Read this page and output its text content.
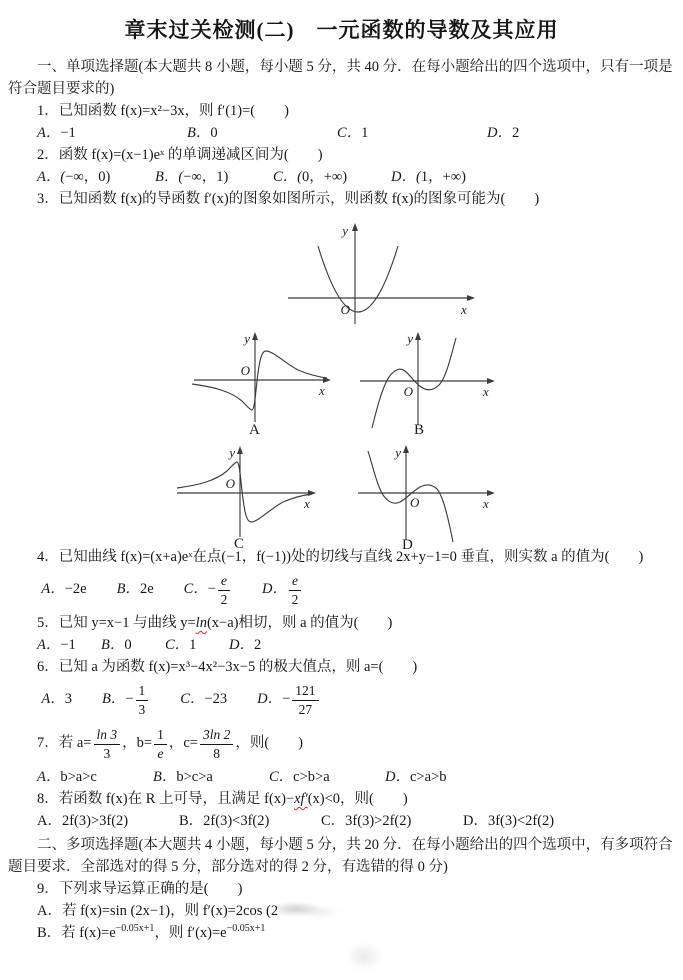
章末过关检测(二)　一元函数的导数及其应用

一、单项选择题(本大题共 8 小题，每小题 5 分，共 40 分．在每小题给出的四个选项中，只有一项是符合题目要求的)

1．已知函数 f(x)=x²−3x，则 f′(1)=(　　)

A．−1	B．0	C．1	D．2

2．函数 f(x)=(x−1)eˣ 的单调递减区间为(　　)

A．(−∞，0)	B．(−∞，1)	C．(0，+∞)	D．(1，+∞)

3．已知函数 f(x)的导函数 f′(x)的图象如图所示，则函数 f(x)的图象可能为(　　)

y
x
O
y
x
O
A
y
x
O
B
y
x
O
C
y
x
O
D

4．已知曲线 f(x)=(x+a)eˣ在点(−1，f(−1))处的切线与直线 2x+y−1=0 垂直，则实数 a 的值为(　　)

A．−2e B．2e C．− $\frac{e}{2}$ D． $\frac{e}{2}$

5．已知 y=x−1 与曲线 y=ln(x−a)相切，则 a 的值为(　　)

A．−1	B．0	C．1	D．2

6．已知 a 为函数 f(x)=x³−4x²−3x−5 的极大值点，则 a=(　　)

A．3 B．− $\frac{1}{3}$ C．−23 D．− $\frac{121}{27}$
7．若 $a= \frac{\ln 3}{3}$ ，$b= \frac{1}{e}$ ，$c= \frac{3\ln 2}{8}$ ，则(　　)
A．b>a>c	B．b>c>a	C．c>b>a	D．c>a>b

8．若函数 f(x)在 R 上可导，且满足 f(x)−xf′(x)<0，则(　　)

A．2f(3)>3f(2)	B．2f(3)<3f(2)	C．3f(3)>2f(2)	D．3f(3)<2f(2)

二、多项选择题(本大题共 4 小题，每小题 5 分，共 20 分．在每小题给出的四个选项中，有多项符合题目要求．全部选对的得 5 分，部分选对的得 2 分，有选错的得 0 分)

9．下列求导运算正确的是(　　)

A．若 f(x)=sin (2x−1)，则 f′(x)=2cos (2

B．若 $f(x)=e^{-0.05x+1}$，则 $f'(x)=e^{-0.05x+1}$
